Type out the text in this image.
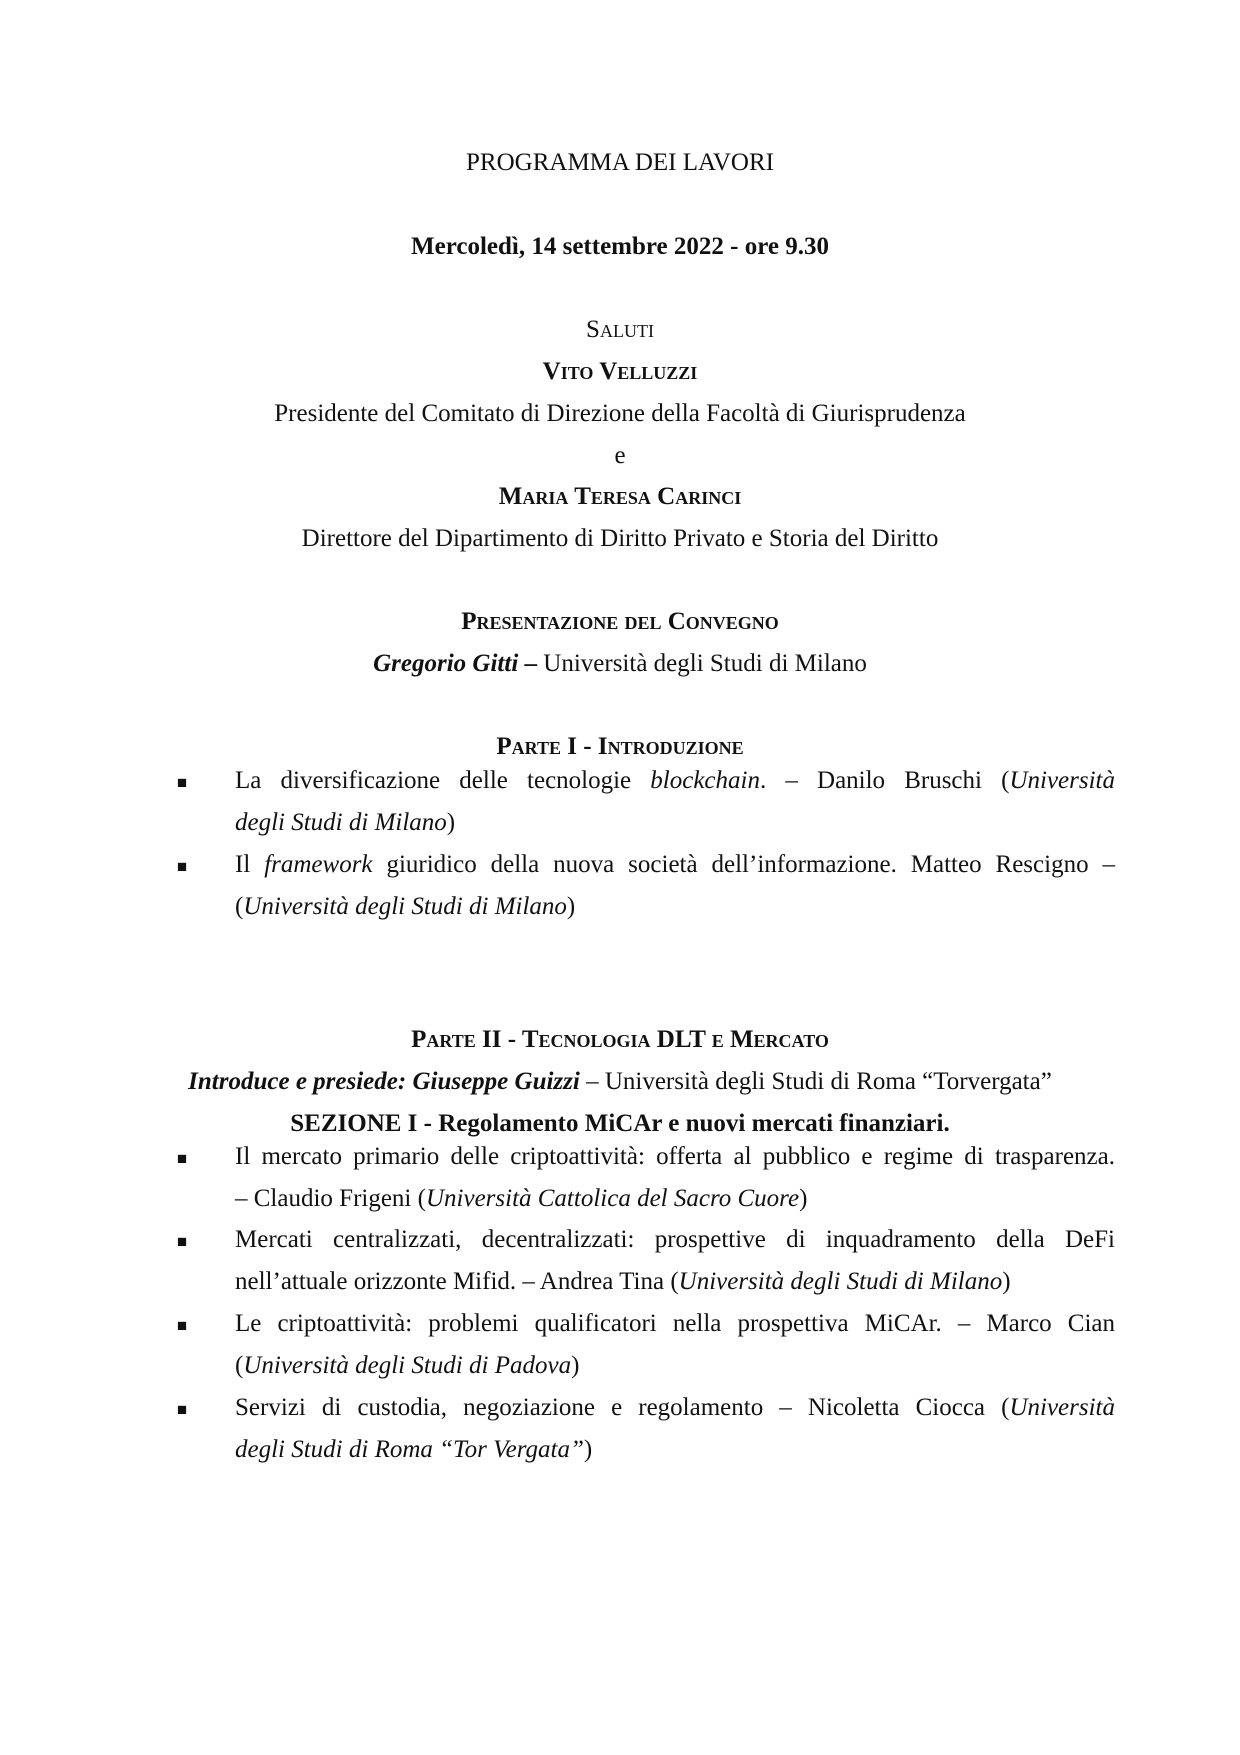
PROGRAMMA DEI LAVORI
Mercoledì, 14 settembre 2022 - ore 9.30
Saluti
Vito Velluzzi
Presidente del Comitato di Direzione della Facoltà di Giurisprudenza
e
Maria Teresa Carinci
Direttore del Dipartimento di Diritto Privato e Storia del Diritto
Presentazione del Convegno
Gregorio Gitti – Università degli Studi di Milano
Parte I - Introduzione
■ La diversificazione delle tecnologie blockchain. – Danilo Bruschi (Università
degli Studi di Milano)
■ Il framework giuridico della nuova società dell’informazione. Matteo Rescigno –
(Università degli Studi di Milano)
Parte II - Tecnologia DLT e Mercato
Introduce e presiede: Giuseppe Guizzi – Università degli Studi di Roma “Torvergata”
SEZIONE I - Regolamento MiCAr e nuovi mercati finanziari.
■ Il mercato primario delle criptoattività: offerta al pubblico e regime di trasparenza.
– Claudio Frigeni (Università Cattolica del Sacro Cuore)
■ Mercati centralizzati, decentralizzati: prospettive di inquadramento della DeFi
nell’attuale orizzonte Mifid. – Andrea Tina (Università degli Studi di Milano)
■ Le criptoattività: problemi qualificatori nella prospettiva MiCAr. – Marco Cian
(Università degli Studi di Padova)
■ Servizi di custodia, negoziazione e regolamento – Nicoletta Ciocca (Università
degli Studi di Roma “Tor Vergata”)
